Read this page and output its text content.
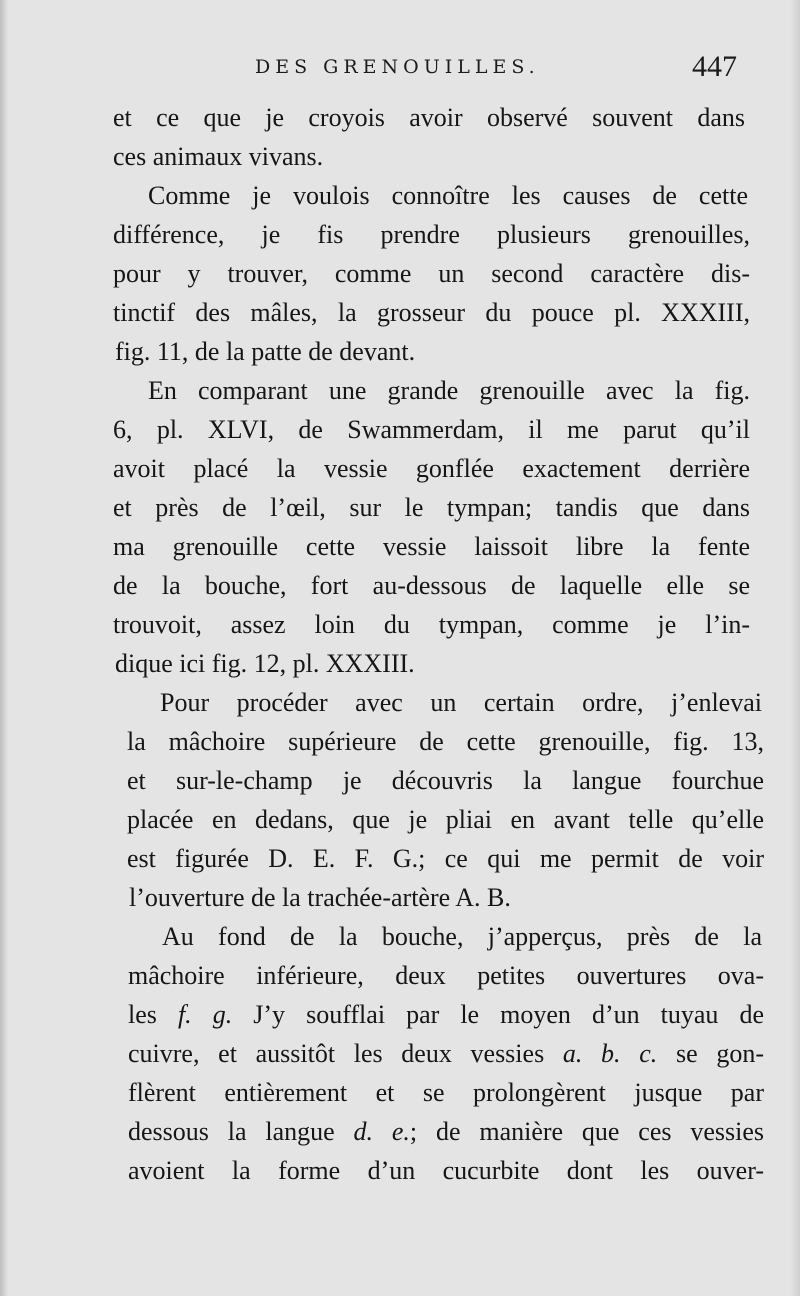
DES GRENOUILLES.	447
et ce que je croyois avoir observé souvent dans
ces animaux vivans.
Comme je voulois connoître les causes de cette
différence, je fis prendre plusieurs grenouilles,
pour y trouver, comme un second caractère dis-
tinctif des mâles, la grosseur du pouce pl. XXXIII,
fig. 11, de la patte de devant.
En comparant une grande grenouille avec la fig.
6, pl. XLVI, de Swammerdam, il me parut qu’il
avoit placé la vessie gonflée exactement derrière
et près de l’œil, sur le tympan; tandis que dans
ma grenouille cette vessie laissoit libre la fente
de la bouche, fort au-dessous de laquelle elle se
trouvoit, assez loin du tympan, comme je l’in-
dique ici fig. 12, pl. XXXIII.
Pour procéder avec un certain ordre, j’enlevai
la mâchoire supérieure de cette grenouille, fig. 13,
et sur-le-champ je découvris la langue fourchue
placée en dedans, que je pliai en avant telle qu’elle
est figurée D. E. F. G.; ce qui me permit de voir
l’ouverture de la trachée-artère A. B.
Au fond de la bouche, j’apperçus, près de la
mâchoire inférieure, deux petites ouvertures ova-
les f. g. J’y soufflai par le moyen d’un tuyau de
cuivre, et aussitôt les deux vessies a. b. c. se gon-
flèrent entièrement et se prolongèrent jusque par
dessous la langue d. e.; de manière que ces vessies
avoient la forme d’un cucurbite dont les ouver-
